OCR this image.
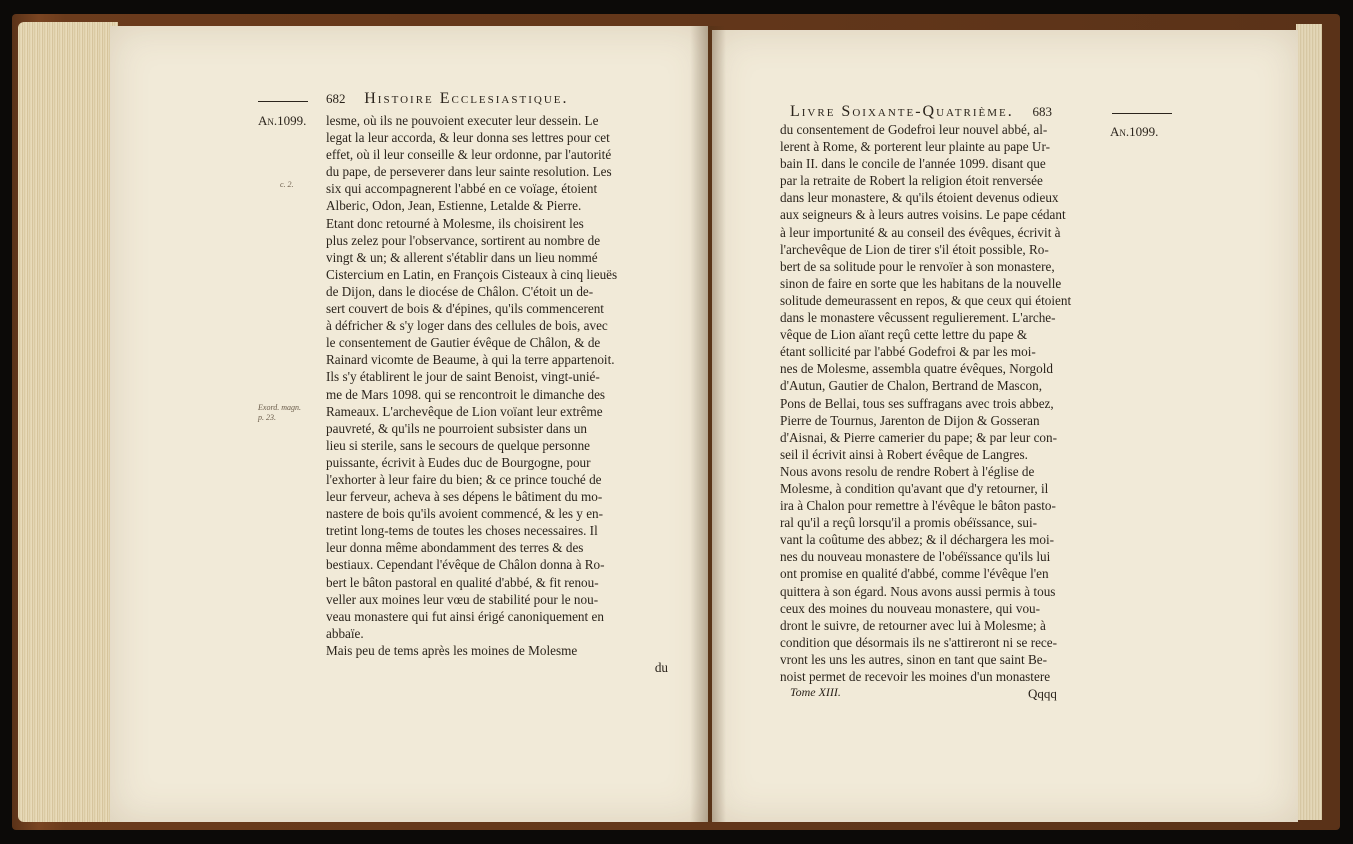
682 Histoire Ecclesiastique.
An.1099.
c. 2.
Exord. magn. p. 23.
lesme, où ils ne pouvoient executer leur dessein. Le
legat la leur accorda, & leur donna ses lettres pour cet
effet, où il leur conseille & leur ordonne, par l'autorité
du pape, de perseverer dans leur sainte resolution. Les
six qui accompagnerent l'abbé en ce voïage, étoient
Alberic, Odon, Jean, Estienne, Letalde & Pierre.
Etant donc retourné à Molesme, ils choisirent les
plus zelez pour l'observance, sortirent au nombre de
vingt & un; & allerent s'établir dans un lieu nommé
Cistercium en Latin, en François Cisteaux à cinq lieuës
de Dijon, dans le diocése de Châlon. C'étoit un de-
sert couvert de bois & d'épines, qu'ils commencerent
à défricher & s'y loger dans des cellules de bois, avec
le consentement de Gautier évêque de Châlon, & de
Rainard vicomte de Beaume, à qui la terre appartenoit.
Ils s'y établirent le jour de saint Benoist, vingt-unié-
me de Mars 1098. qui se rencontroit le dimanche des
Rameaux. L'archevêque de Lion voïant leur extrême
pauvreté, & qu'ils ne pourroient subsister dans un
lieu si sterile, sans le secours de quelque personne
puissante, écrivit à Eudes duc de Bourgogne, pour
l'exhorter à leur faire du bien; & ce prince touché de
leur ferveur, acheva à ses dépens le bâtiment du mo-
nastere de bois qu'ils avoient commencé, & les y en-
tretint long-tems de toutes les choses necessaires. Il
leur donna même abondamment des terres & des
bestiaux. Cependant l'évêque de Châlon donna à Ro-
bert le bâton pastoral en qualité d'abbé, & fit renou-
veller aux moines leur vœu de stabilité pour le nou-
veau monastere qui fut ainsi érigé canoniquement en
abbaïe.
Mais peu de tems après les moines de Molesme
du
Livre Soixante-Quatrième. 683
An.1099.
du consentement de Godefroi leur nouvel abbé, al-
lerent à Rome, & porterent leur plainte au pape Ur-
bain II. dans le concile de l'année 1099. disant que
par la retraite de Robert la religion étoit renversée
dans leur monastere, & qu'ils étoient devenus odieux
aux seigneurs & à leurs autres voisins. Le pape cédant
à leur importunité & au conseil des évêques, écrivit à
l'archevêque de Lion de tirer s'il étoit possible, Ro-
bert de sa solitude pour le renvoïer à son monastere,
sinon de faire en sorte que les habitans de la nouvelle
solitude demeurassent en repos, & que ceux qui étoient
dans le monastere vêcussent regulierement. L'arche-
vêque de Lion aïant reçû cette lettre du pape &
étant sollicité par l'abbé Godefroi & par les moi-
nes de Molesme, assembla quatre évêques, Norgold
d'Autun, Gautier de Chalon, Bertrand de Mascon,
Pons de Bellai, tous ses suffragans avec trois abbez,
Pierre de Tournus, Jarenton de Dijon & Gosseran
d'Aisnai, & Pierre camerier du pape; & par leur con-
seil il écrivit ainsi à Robert évêque de Langres.
Nous avons resolu de rendre Robert à l'église de
Molesme, à condition qu'avant que d'y retourner, il
ira à Chalon pour remettre à l'évêque le bâton pasto-
ral qu'il a reçû lorsqu'il a promis obéïssance, sui-
vant la coûtume des abbez; & il déchargera les moi-
nes du nouveau monastere de l'obéïssance qu'ils lui
ont promise en qualité d'abbé, comme l'évêque l'en
quittera à son égard. Nous avons aussi permis à tous
ceux des moines du nouveau monastere, qui vou-
dront le suivre, de retourner avec lui à Molesme; à
condition que désormais ils ne s'attireront ni se rece-
vront les uns les autres, sinon en tant que saint Be-
noist permet de recevoir les moines d'un monastere
Tome XIII.	Qqqq
